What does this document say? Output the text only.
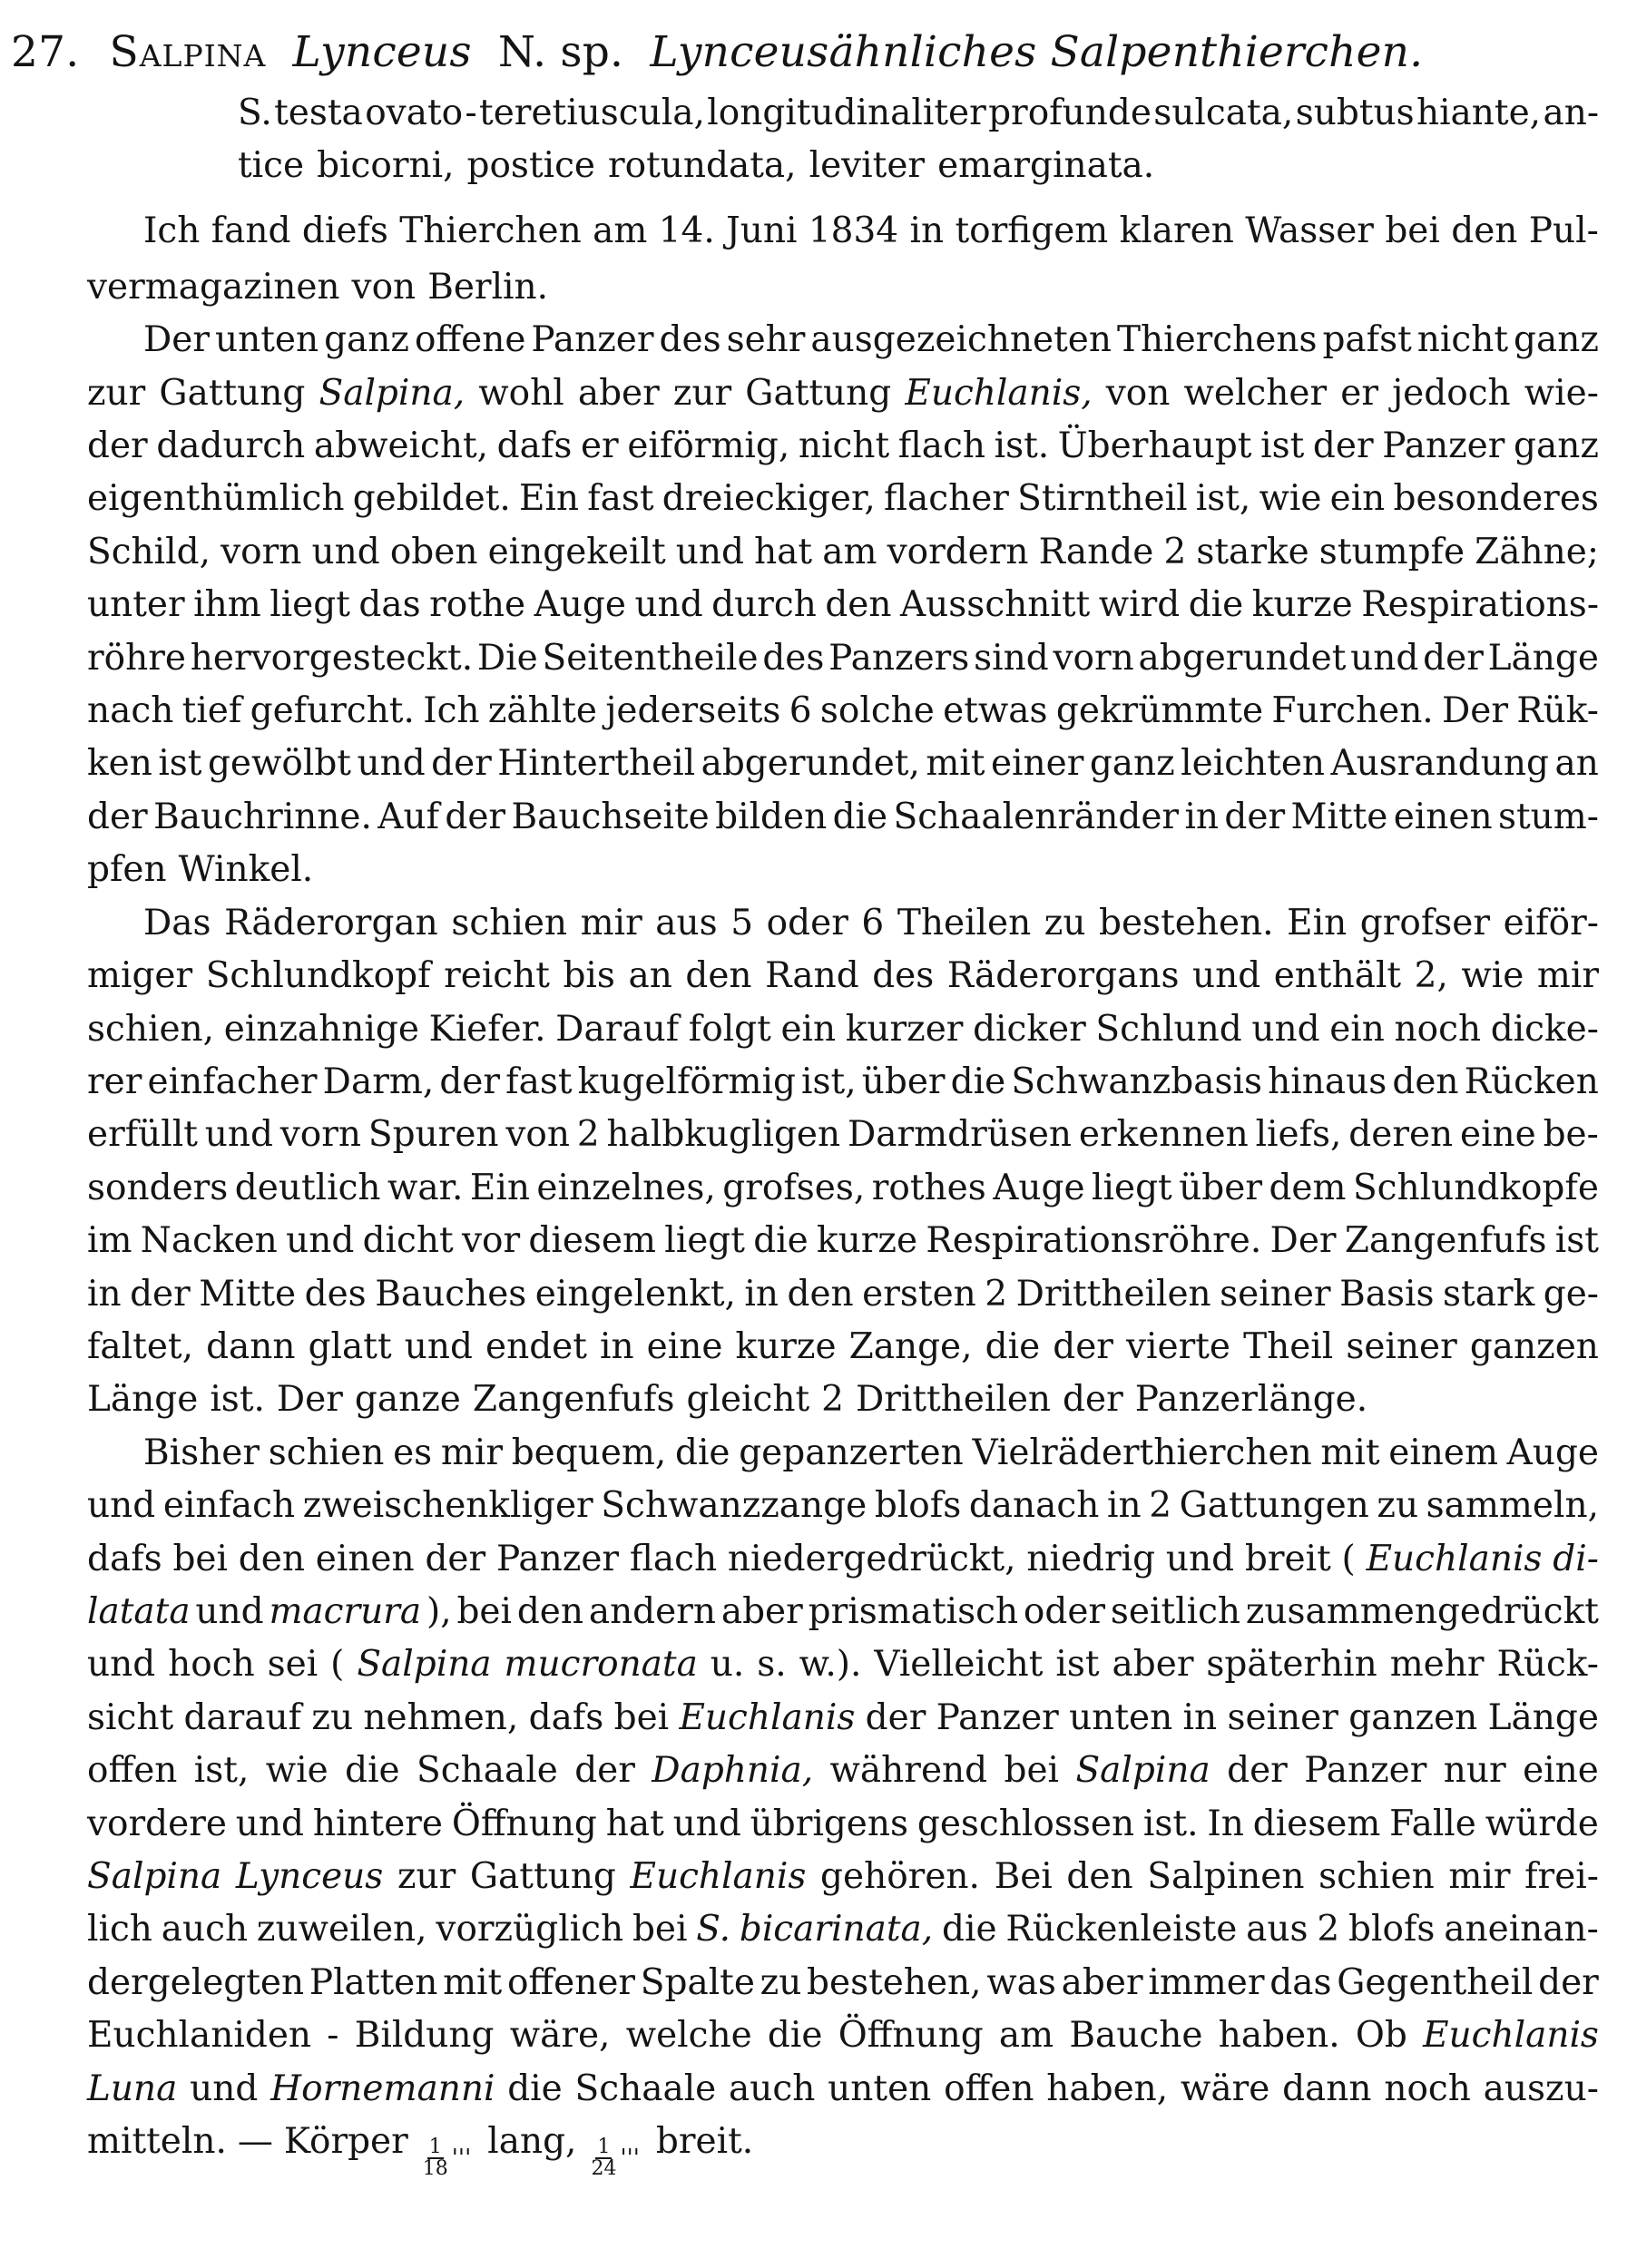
27. Salpina Lynceus N. sp. Lynceusähnliches Salpenthierchen.
S. testa ovato - teretiuscula, longitudinaliter profunde sulcata, subtus hiante, an-
tice bicorni, postice rotundata, leviter emarginata.
Ich fand diefs Thierchen am 14. Juni 1834 in torfigem klaren Wasser bei den Pul-
vermagazinen von Berlin.
Der unten ganz offene Panzer des sehr ausgezeichneten Thierchens pafst nicht ganz
zur Gattung Salpina, wohl aber zur Gattung Euchlanis, von welcher er jedoch wie-
der dadurch abweicht, dafs er eiförmig, nicht flach ist. Überhaupt ist der Panzer ganz
eigenthümlich gebildet. Ein fast dreieckiger, flacher Stirntheil ist, wie ein besonderes
Schild, vorn und oben eingekeilt und hat am vordern Rande 2 starke stumpfe Zähne;
unter ihm liegt das rothe Auge und durch den Ausschnitt wird die kurze Respirations-
röhre hervorgesteckt. Die Seitentheile des Panzers sind vorn abgerundet und der Länge
nach tief gefurcht. Ich zählte jederseits 6 solche etwas gekrümmte Furchen. Der Rük-
ken ist gewölbt und der Hintertheil abgerundet, mit einer ganz leichten Ausrandung an
der Bauchrinne. Auf der Bauchseite bilden die Schaalenränder in der Mitte einen stum-
pfen Winkel.
Das Räderorgan schien mir aus 5 oder 6 Theilen zu bestehen. Ein grofser eiför-
miger Schlundkopf reicht bis an den Rand des Räderorgans und enthält 2, wie mir
schien, einzahnige Kiefer. Darauf folgt ein kurzer dicker Schlund und ein noch dicke-
rer einfacher Darm, der fast kugelförmig ist, über die Schwanzbasis hinaus den Rücken
erfüllt und vorn Spuren von 2 halbkugligen Darmdrüsen erkennen liefs, deren eine be-
sonders deutlich war. Ein einzelnes, grofses, rothes Auge liegt über dem Schlundkopfe
im Nacken und dicht vor diesem liegt die kurze Respirationsröhre. Der Zangenfufs ist
in der Mitte des Bauches eingelenkt, in den ersten 2 Drittheilen seiner Basis stark ge-
faltet, dann glatt und endet in eine kurze Zange, die der vierte Theil seiner ganzen
Länge ist. Der ganze Zangenfufs gleicht 2 Drittheilen der Panzerlänge.
Bisher schien es mir bequem, die gepanzerten Vielräderthierchen mit einem Auge
und einfach zweischenkliger Schwanzzange blofs danach in 2 Gattungen zu sammeln,
dafs bei den einen der Panzer flach niedergedrückt, niedrig und breit ( Euchlanis di-
latata und macrura ), bei den andern aber prismatisch oder seitlich zusammengedrückt
und hoch sei ( Salpina mucronata u. s. w.). Vielleicht ist aber späterhin mehr Rück-
sicht darauf zu nehmen, dafs bei Euchlanis der Panzer unten in seiner ganzen Länge
offen ist, wie die Schaale der Daphnia, während bei Salpina der Panzer nur eine
vordere und hintere Öffnung hat und übrigens geschlossen ist. In diesem Falle würde
Salpina Lynceus zur Gattung Euchlanis gehören. Bei den Salpinen schien mir frei-
lich auch zuweilen, vorzüglich bei S. bicarinata, die Rückenleiste aus 2 blofs aneinan-
dergelegten Platten mit offener Spalte zu bestehen, was aber immer das Gegentheil der
Euchlaniden - Bildung wäre, welche die Öffnung am Bauche haben. Ob Euchlanis
Luna und Hornemanni die Schaale auch unten offen haben, wäre dann noch auszu-
mitteln. — Körper $\frac{1}{18}$ ''' lang, $\frac{1}{24}$ ''' breit.
